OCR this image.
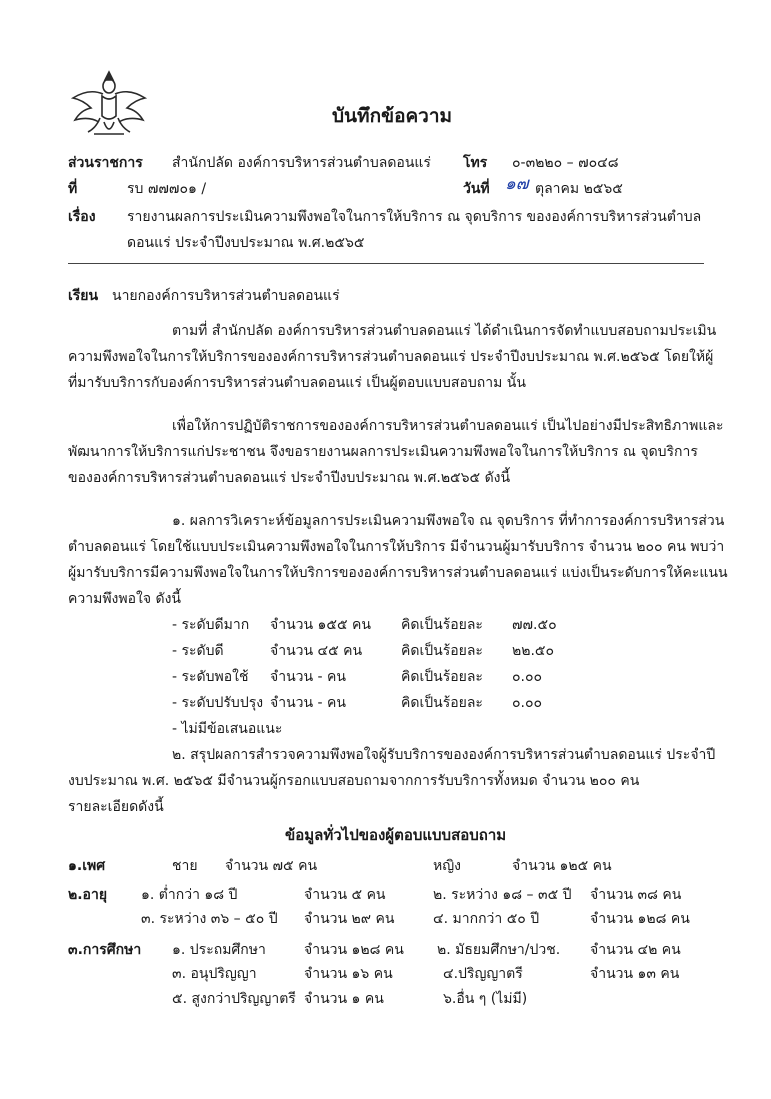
บันทึกข้อความ
ส่วนราชการ สำนักปลัด องค์การบริหารส่วนตำบลดอนแร่ โทร ๐-๓๒๒๐ – ๗๐๔๘
ที่	รบ ๗๗๗๐๑ /	วันที่ ๑๗ ตุลาคม ๒๕๖๕
เรื่อง รายงานผลการประเมินความพึงพอใจในการให้บริการ ณ จุดบริการ ขององค์การบริหารส่วนตำบล
ดอนแร่ ประจำปีงบประมาณ พ.ศ.๒๕๖๕
เรียน นายกองค์การบริหารส่วนตำบลดอนแร่
ตามที่ สำนักปลัด องค์การบริหารส่วนตำบลดอนแร่ ได้ดำเนินการจัดทำแบบสอบถามประเมิน
ความพึงพอใจในการให้บริการขององค์การบริหารส่วนตำบลดอนแร่ ประจำปีงบประมาณ พ.ศ.๒๕๖๕ โดยให้ผู้
ที่มารับบริการกับองค์การบริหารส่วนตำบลดอนแร่ เป็นผู้ตอบแบบสอบถาม นั้น
เพื่อให้การปฏิบัติราชการขององค์การบริหารส่วนตำบลดอนแร่ เป็นไปอย่างมีประสิทธิภาพและ
พัฒนาการให้บริการแก่ประชาชน จึงขอรายงานผลการประเมินความพึงพอใจในการให้บริการ ณ จุดบริการ
ขององค์การบริหารส่วนตำบลดอนแร่ ประจำปีงบประมาณ พ.ศ.๒๕๖๕ ดังนี้
๑. ผลการวิเคราะห์ข้อมูลการประเมินความพึงพอใจ ณ จุดบริการ ที่ทำการองค์การบริหารส่วน
ตำบลดอนแร่ โดยใช้แบบประเมินความพึงพอใจในการให้บริการ มีจำนวนผู้มารับบริการ จำนวน ๒๐๐ คน พบว่า
ผู้มารับบริการมีความพึงพอใจในการให้บริการขององค์การบริหารส่วนตำบลดอนแร่ แบ่งเป็นระดับการให้คะแนน
ความพึงพอใจ ดังนี้
- ระดับดีมาก จำนวน ๑๕๕ คน คิดเป็นร้อยละ ๗๗.๕๐
- ระดับดี	จำนวน ๔๕ คน	คิดเป็นร้อยละ ๒๒.๕๐
- ระดับพอใช้ จำนวน - คน	คิดเป็นร้อยละ ๐.๐๐
- ระดับปรับปรุง จำนวน - คน	คิดเป็นร้อยละ ๐.๐๐
- ไม่มีข้อเสนอแนะ
๒. สรุปผลการสำรวจความพึงพอใจผู้รับบริการขององค์การบริหารส่วนตำบลดอนแร่ ประจำปี
งบประมาณ พ.ศ. ๒๕๖๕ มีจำนวนผู้กรอกแบบสอบถามจากการรับบริการทั้งหมด จำนวน ๒๐๐ คน
รายละเอียดดังนี้
ข้อมูลทั่วไปของผู้ตอบแบบสอบถาม
๑.เพศ	ชาย จำนวน ๗๕ คน	หญิง	จำนวน ๑๒๕ คน
๒.อายุ ๑. ต่ำกว่า ๑๘ ปี	จำนวน ๕ คน	๒. ระหว่าง ๑๘ – ๓๕ ปี จำนวน ๓๘ คน
๓. ระหว่าง ๓๖ – ๕๐ ปี จำนวน ๒๙ คน	๔. มากกว่า ๕๐ ปี	จำนวน ๑๒๘ คน
๓.การศึกษา ๑. ประถมศึกษา	จำนวน ๑๒๘ คน ๒. มัธยมศึกษา/ปวช. จำนวน ๔๒ คน
๓. อนุปริญญา	จำนวน ๑๖ คน	๔.ปริญญาตรี	จำนวน ๑๓ คน
๕. สูงกว่าปริญญาตรี จำนวน ๑ คน	๖.อื่น ๆ (ไม่มี)
